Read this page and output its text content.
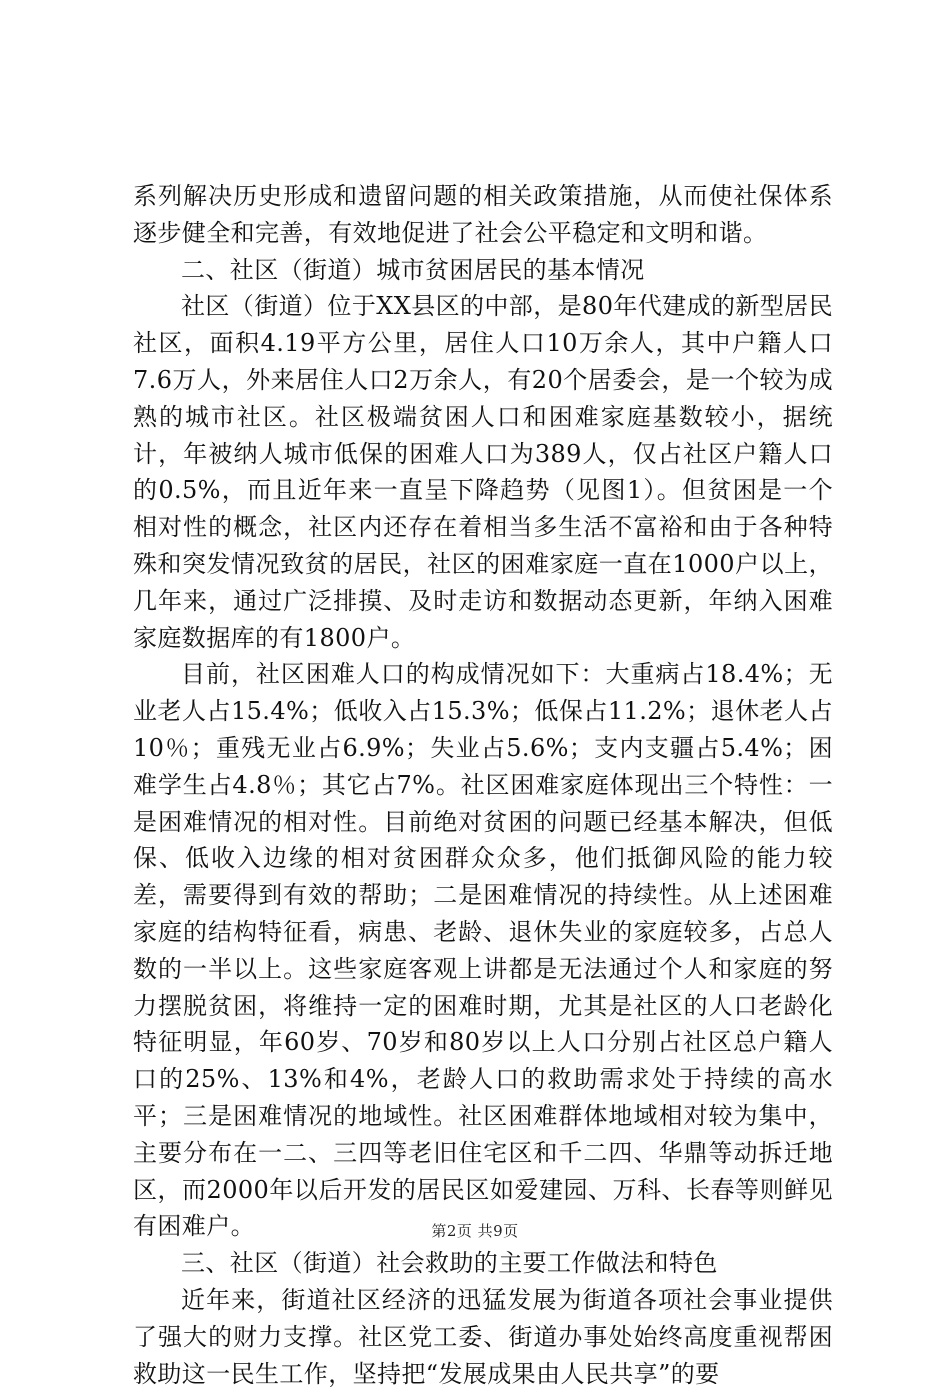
系列解决历史形成和遗留问题的相关政策措施，从而使社保体系逐步健全和完善，有效地促进了社会公平稳定和文明和谐。

二、社区（街道）城市贫困居民的基本情况

社区（街道）位于XX县区的中部，是80年代建成的新型居民社区，面积4.19平方公里，居住人口10万余人，其中户籍人口7.6万人，外来居住人口2万余人，有20个居委会，是一个较为成熟的城市社区。社区极端贫困人口和困难家庭基数较小，据统计，年被纳人城市低保的困难人口为389人，仅占社区户籍人口的0.5%，而且近年来一直呈下降趋势（见图1）。但贫困是一个相对性的概念，社区内还存在着相当多生活不富裕和由于各种特殊和突发情况致贫的居民，社区的困难家庭一直在1000户以上，几年来，通过广泛排摸、及时走访和数据动态更新，年纳入困难家庭数据库的有1800户。

目前，社区困难人口的构成情况如下：大重病占18.4%；无业老人占15.4%；低收入占15.3%；低保占11.2%；退休老人占10％；重残无业占6.9%；失业占5.6%；支内支疆占5.4%；困难学生占4.8％；其它占7%。社区困难家庭体现出三个特性：一是困难情况的相对性。目前绝对贫困的问题已经基本解决，但低保、低收入边缘的相对贫困群众众多，他们抵御风险的能力较差，需要得到有效的帮助；二是困难情况的持续性。从上述困难家庭的结构特征看，病患、老龄、退休失业的家庭较多，占总人数的一半以上。这些家庭客观上讲都是无法通过个人和家庭的努力摆脱贫困，将维持一定的困难时期，尤其是社区的人口老龄化特征明显，年60岁、70岁和80岁以上人口分别占社区总户籍人口的25%、13%和4%，老龄人口的救助需求处于持续的高水平；三是困难情况的地域性。社区困难群体地域相对较为集中，主要分布在一二、三四等老旧住宅区和千二四、华鼎等动拆迁地区，而2000年以后开发的居民区如爱建园、万科、长春等则鲜见有困难户。

三、社区（街道）社会救助的主要工作做法和特色

近年来，街道社区经济的迅猛发展为街道各项社会事业提供了强大的财力支撑。社区党工委、街道办事处始终高度重视帮困救助这一民生工作，坚持把“发展成果由人民共享”的要

第2页 共9页
